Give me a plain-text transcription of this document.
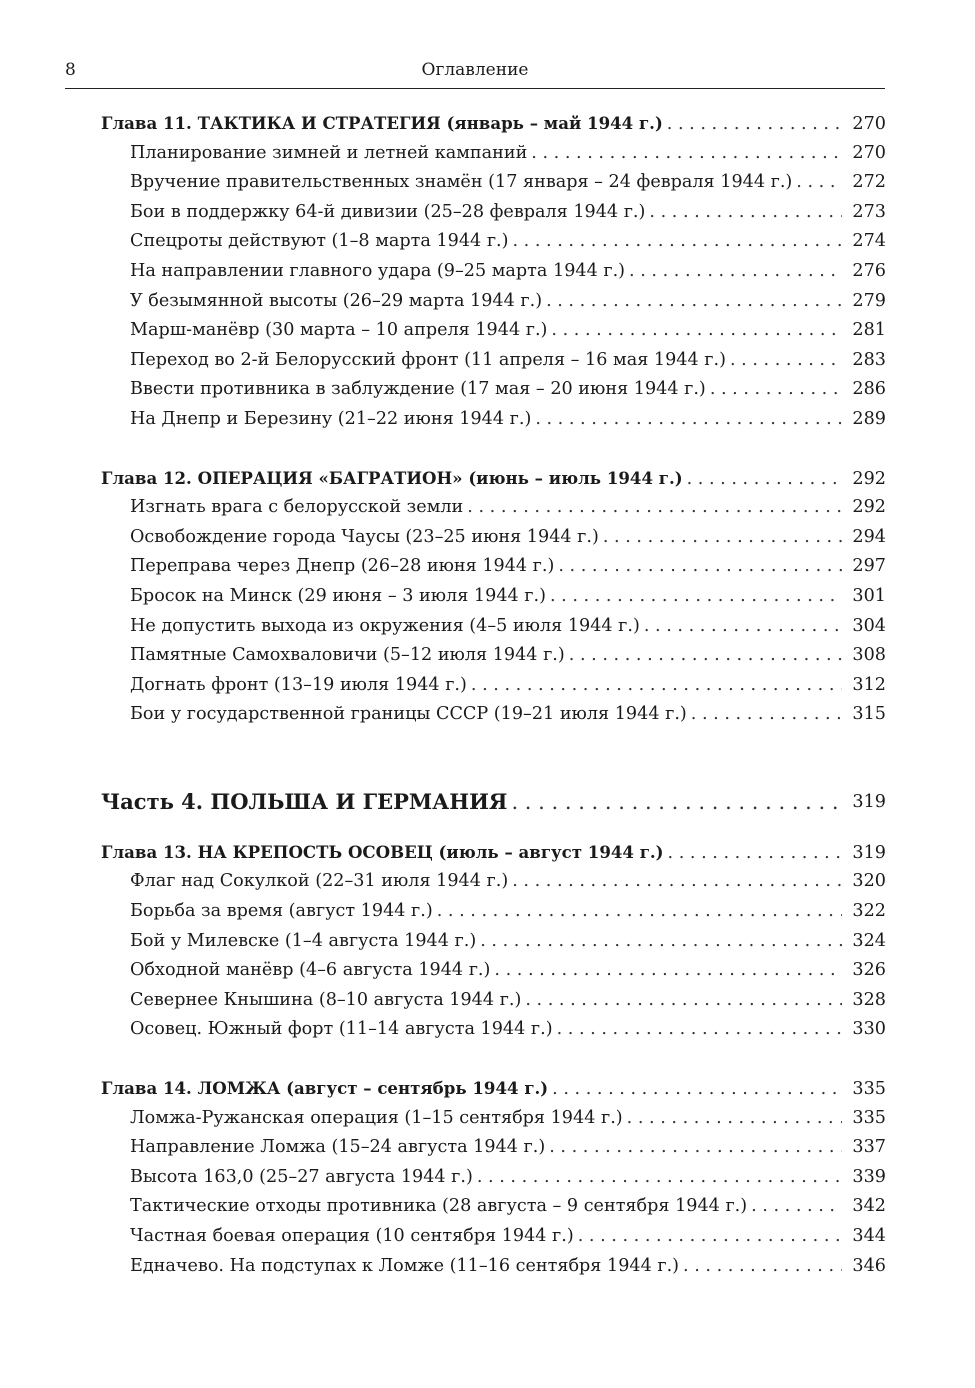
8	Оглавление
Глава 11. ТАКТИКА И СТРАТЕГИЯ (январь – май 1944 г.) . . .	270
Планирование зимней и летней кампаний . . .	270
Вручение правительственных знамён (17 января – 24 февраля 1944 г.) . . .	272
Бои в поддержку 64-й дивизии (25–28 февраля 1944 г.) . . .	273
Спецроты действуют (1–8 марта 1944 г.) . . .	274
На направлении главного удара (9–25 марта 1944 г.) . . .	276
У безымянной высоты (26–29 марта 1944 г.) . . .	279
Марш-манёвр (30 марта – 10 апреля 1944 г.) . . .	281
Переход во 2-й Белорусский фронт (11 апреля – 16 мая 1944 г.) . . .	283
Ввести противника в заблуждение (17 мая – 20 июня 1944 г.) . . .	286
На Днепр и Березину (21–22 июня 1944 г.) . . .	289
Глава 12. ОПЕРАЦИЯ «БАГРАТИОН» (июнь – июль 1944 г.) . . .	292
Изгнать врага с белорусской земли . . .	292
Освобождение города Чаусы (23–25 июня 1944 г.) . . .	294
Переправа через Днепр (26–28 июня 1944 г.) . . .	297
Бросок на Минск (29 июня – 3 июля 1944 г.) . . .	301
Не допустить выхода из окружения (4–5 июля 1944 г.) . . .	304
Памятные Самохваловичи (5–12 июля 1944 г.) . . .	308
Догнать фронт (13–19 июля 1944 г.) . . .	312
Бои у государственной границы СССР (19–21 июля 1944 г.) . . .	315
Часть 4. ПОЛЬША И ГЕРМАНИЯ . . .	319
Глава 13. НА КРЕПОСТЬ ОСОВЕЦ (июль – август 1944 г.) . . .	319
Флаг над Сокулкой (22–31 июля 1944 г.) . . .	320
Борьба за время (август 1944 г.) . . .	322
Бой у Милевске (1–4 августа 1944 г.) . . .	324
Обходной манёвр (4–6 августа 1944 г.) . . .	326
Севернее Кнышина (8–10 августа 1944 г.) . . .	328
Осовец. Южный форт (11–14 августа 1944 г.) . . .	330
Глава 14. ЛОМЖА (август – сентябрь 1944 г.) . . .	335
Ломжа-Ружанская операция (1–15 сентября 1944 г.) . . .	335
Направление Ломжа (15–24 августа 1944 г.) . . .	337
Высота 163,0 (25–27 августа 1944 г.) . . .	339
Тактические отходы противника (28 августа – 9 сентября 1944 г.) . . .	342
Частная боевая операция (10 сентября 1944 г.) . . .	344
Едначево. На подступах к Ломже (11–16 сентября 1944 г.) . . .	346
